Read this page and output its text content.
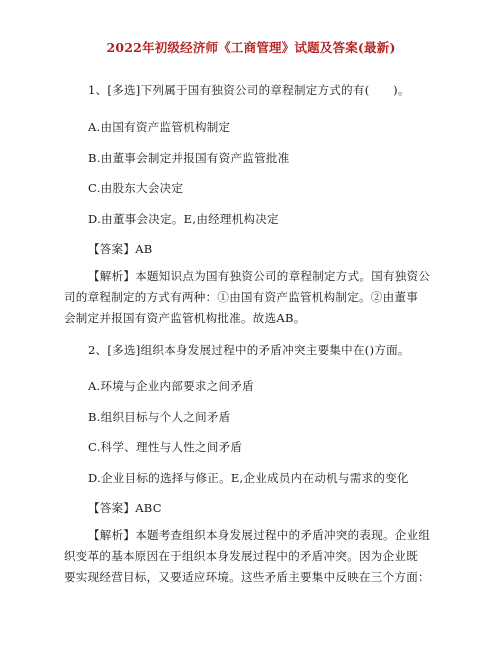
2022年初级经济师《工商管理》试题及答案(最新)
1、[多选]下列属于国有独资公司的章程制定方式的有(　　)。
A.由国有资产监管机构制定
B.由董事会制定并报国有资产监管批准
C.由股东大会决定
D.由董事会决定。E,由经理机构决定
【答案】AB
【解析】本题知识点为国有独资公司的章程制定方式。国有独资公
司的章程制定的方式有两种：①由国有资产监管机构制定。②由董事
会制定并报国有资产监管机构批准。故选AB。
2、[多选]组织本身发展过程中的矛盾冲突主要集中在()方面。
A.环境与企业内部要求之间矛盾
B.组织目标与个人之间矛盾
C.科学、理性与人性之间矛盾
D.企业目标的选择与修正。E,企业成员内在动机与需求的变化
【答案】ABC
【解析】本题考查组织本身发展过程中的矛盾冲突的表现。企业组
织变革的基本原因在于组织本身发展过程中的矛盾冲突。因为企业既
要实现经营目标，又要适应环境。这些矛盾主要集中反映在三个方面：
